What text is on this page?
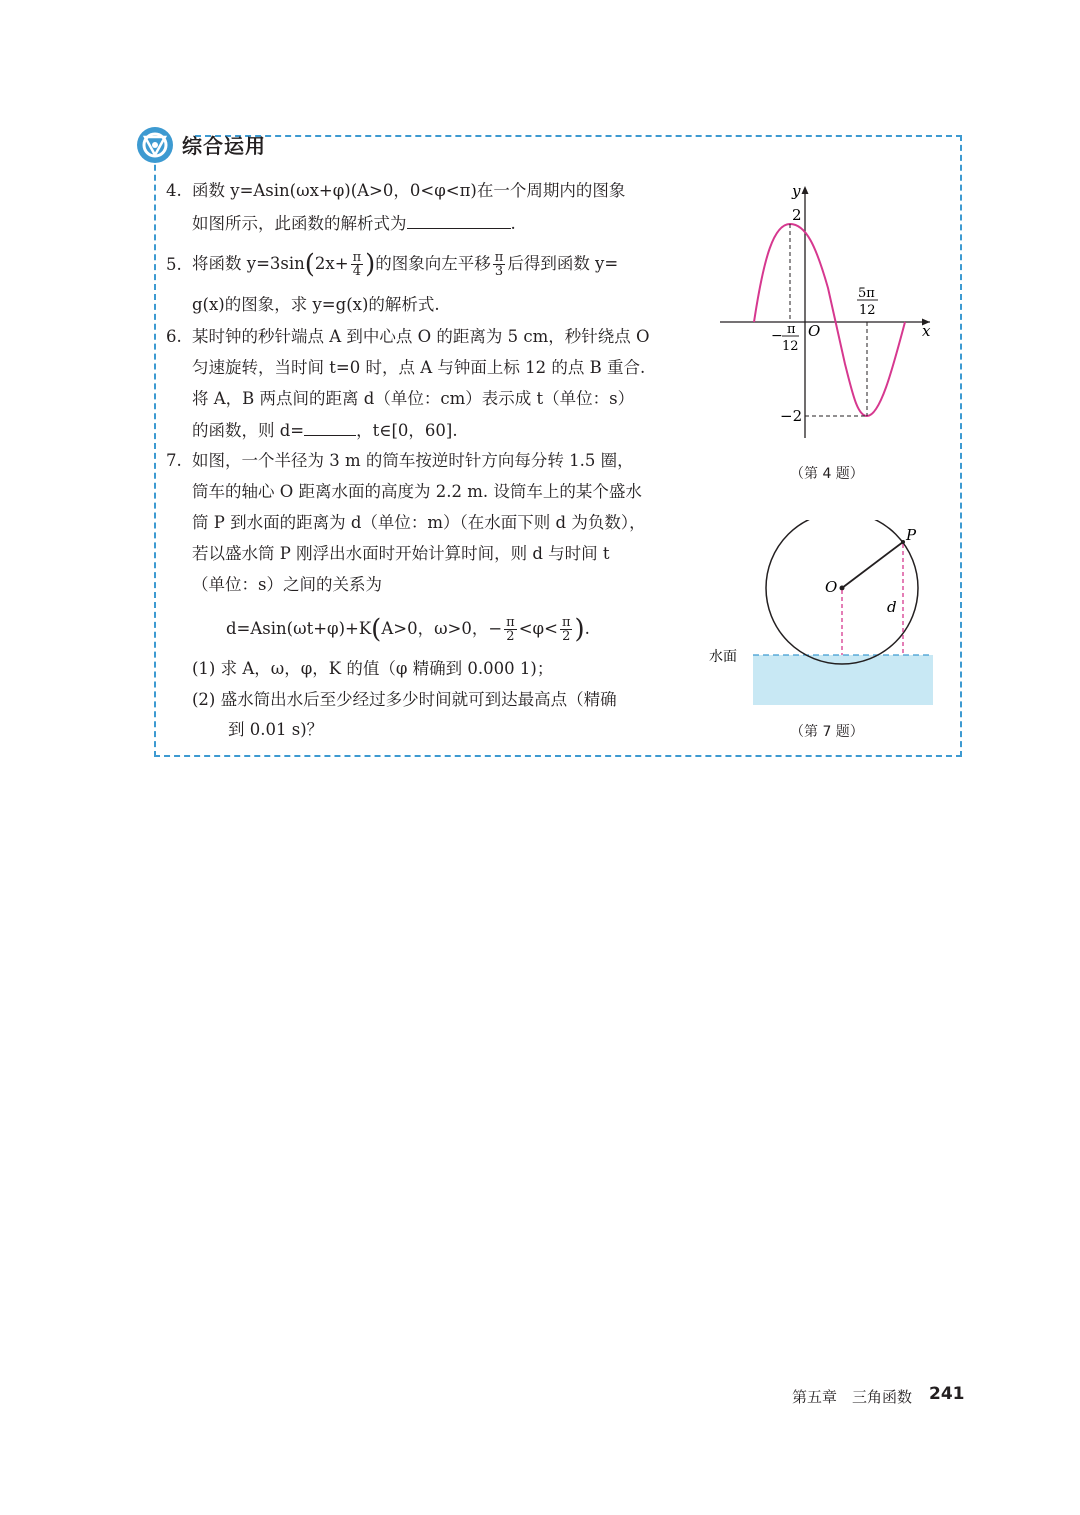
综合运用
4. 函数 y=Asin(ωx+φ)(A>0，0<φ<π)在一个周期内的图象
如图所示，此函数的解析式为	.
5. 将函数 $y=3\sin(2x+ \frac{\pi}{4}$ )的图象向左平移 $\frac{\pi}{3}$ 后得到函数 y=
g(x)的图象，求 y=g(x)的解析式.
6. 某时钟的秒针端点 A 到中心点 O 的距离为 5 cm，秒针绕点 O
匀速旋转，当时间 t=0 时，点 A 与钟面上标 12 的点 B 重合.
将 A，B 两点间的距离 d（单位：cm）表示成 t（单位：s）
的函数，则 d=	，t∈[0，60].
7. 如图，一个半径为 3 m 的筒车按逆时针方向每分转 1.5 圈，
筒车的轴心 O 距离水面的高度为 2.2 m. 设筒车上的某个盛水
筒 P 到水面的距离为 d（单位：m）（在水面下则 d 为负数），
若以盛水筒 P 刚浮出水面时开始计算时间，则 d 与时间 t
（单位：s）之间的关系为
d=Asin(ωt+φ)+K(A>0，ω>0，− $\frac{\pi}{2} <\varphi< \frac{\pi}{2}$ ).
(1) 求 A，ω，φ，K 的值（φ 精确到 0.000 1)；
(2) 盛水筒出水后至少经过多少时间就可到达最高点（精确
到 0.01 s)？
y
x
O
2
−2
− π
12
5π
12
（第 4 题）
O
P
d
水面
（第 7 题）
第五章　三角函数 241
